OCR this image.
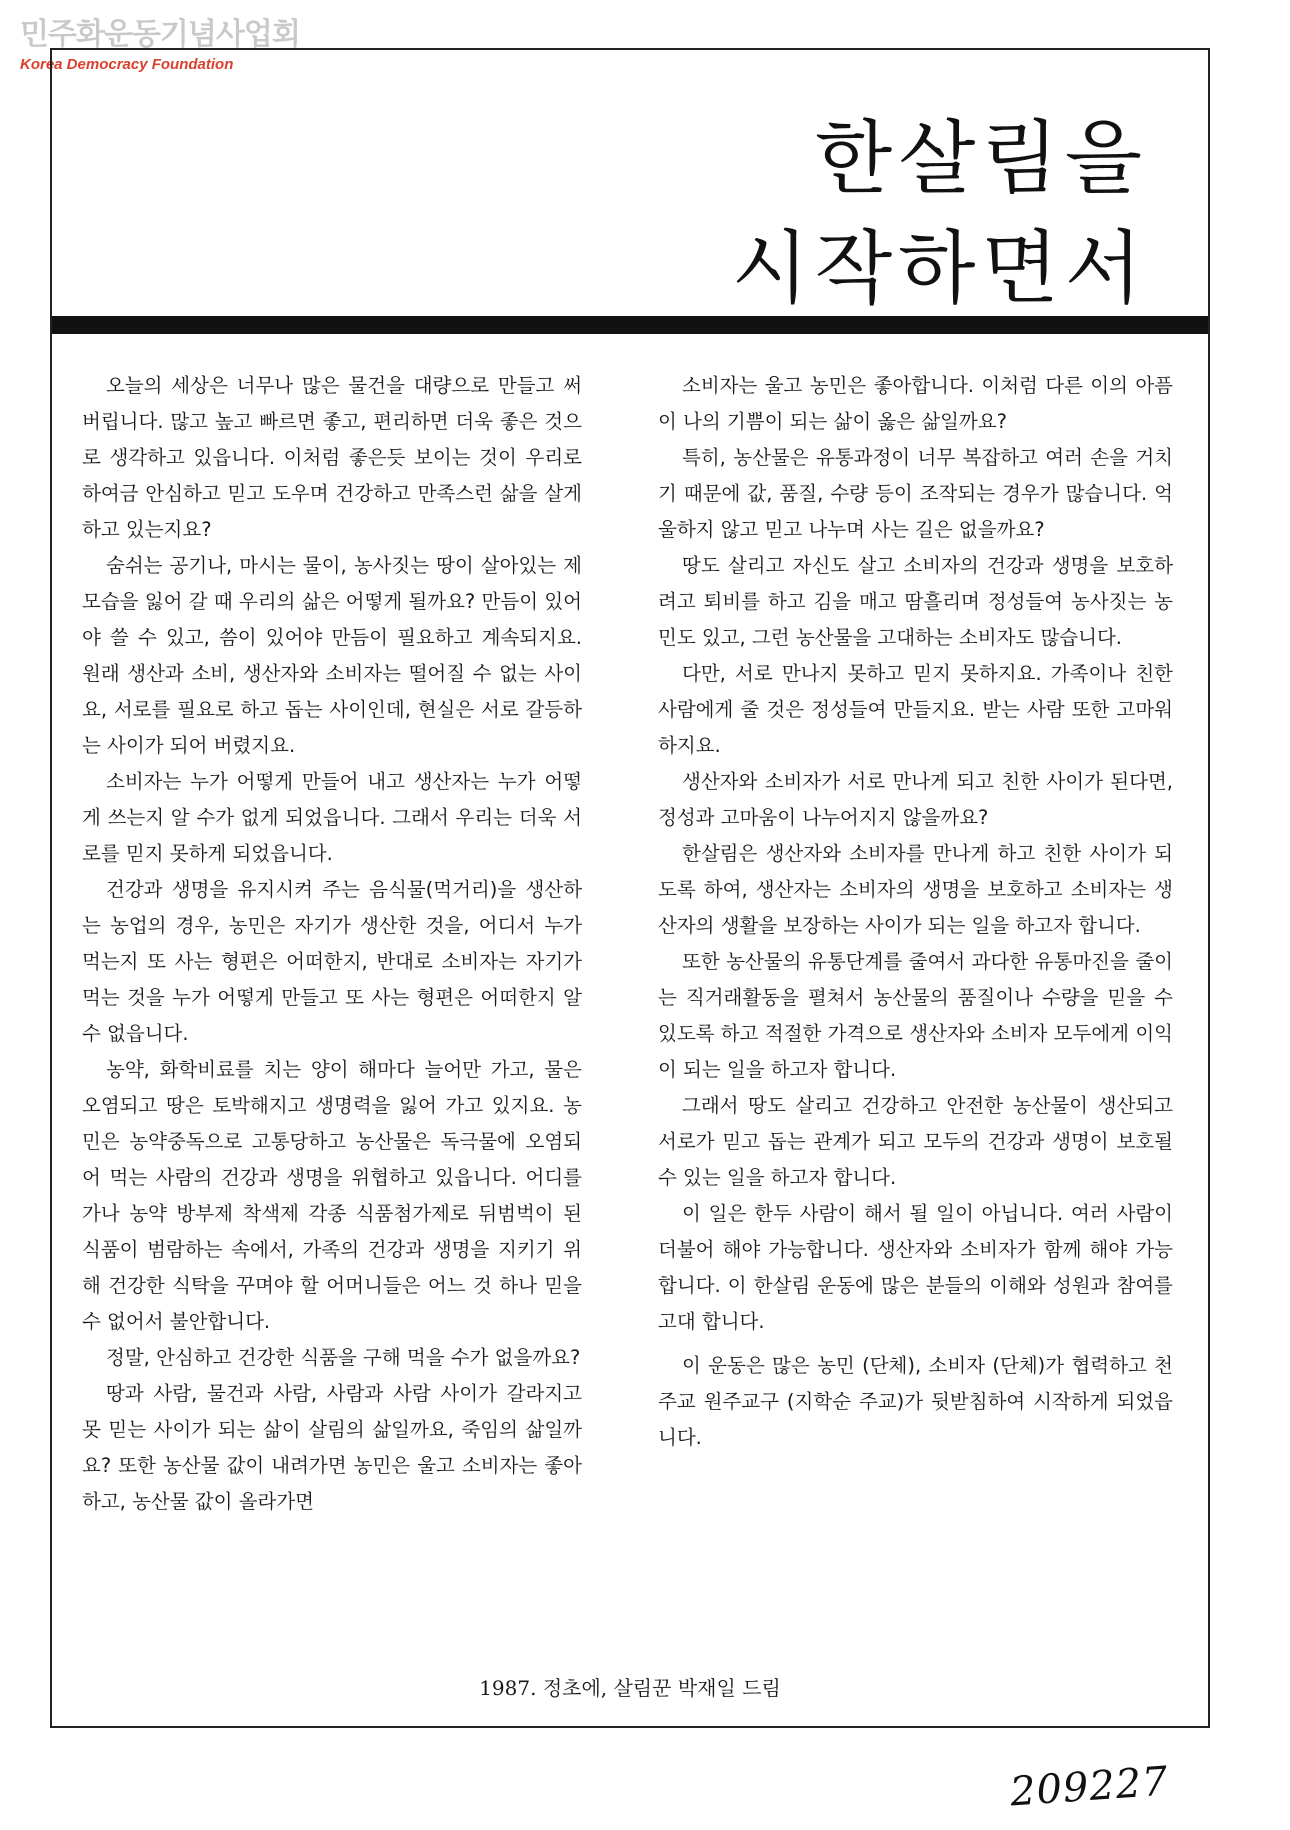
민주화운동기념사업회
Korea Democracy Foundation
한살림을
시작하면서

오늘의 세상은 너무나 많은 물건을 대량으로 만들고 써버립니다. 많고 높고 빠르면 좋고, 편리하면 더욱 좋은 것으로 생각하고 있읍니다. 이처럼 좋은듯 보이는 것이 우리로 하여금 안심하고 믿고 도우며 건강하고 만족스런 삶을 살게 하고 있는지요?

숨쉬는 공기나, 마시는 물이, 농사짓는 땅이 살아있는 제 모습을 잃어 갈 때 우리의 삶은 어떻게 될까요? 만듬이 있어야 쓸 수 있고, 씀이 있어야 만듬이 필요하고 계속되지요. 원래 생산과 소비, 생산자와 소비자는 떨어질 수 없는 사이요, 서로를 필요로 하고 돕는 사이인데, 현실은 서로 갈등하는 사이가 되어 버렸지요.

소비자는 누가 어떻게 만들어 내고 생산자는 누가 어떻게 쓰는지 알 수가 없게 되었읍니다. 그래서 우리는 더욱 서로를 믿지 못하게 되었읍니다.

건강과 생명을 유지시켜 주는 음식물(먹거리)을 생산하는 농업의 경우, 농민은 자기가 생산한 것을, 어디서 누가 먹는지 또 사는 형편은 어떠한지, 반대로 소비자는 자기가 먹는 것을 누가 어떻게 만들고 또 사는 형편은 어떠한지 알 수 없읍니다.

농약, 화학비료를 치는 양이 해마다 늘어만 가고, 물은 오염되고 땅은 토박해지고 생명력을 잃어 가고 있지요. 농민은 농약중독으로 고통당하고 농산물은 독극물에 오염되어 먹는 사람의 건강과 생명을 위협하고 있읍니다. 어디를 가나 농약 방부제 착색제 각종 식품첨가제로 뒤범벅이 된 식품이 범람하는 속에서, 가족의 건강과 생명을 지키기 위해 건강한 식탁을 꾸며야 할 어머니들은 어느 것 하나 믿을 수 없어서 불안합니다.

정말, 안심하고 건강한 식품을 구해 먹을 수가 없을까요?

땅과 사람, 물건과 사람, 사람과 사람 사이가 갈라지고 못 믿는 사이가 되는 삶이 살림의 삶일까요, 죽임의 삶일까요? 또한 농산물 값이 내려가면 농민은 울고 소비자는 좋아하고, 농산물 값이 올라가면

소비자는 울고 농민은 좋아합니다. 이처럼 다른 이의 아픔이 나의 기쁨이 되는 삶이 옳은 삶일까요?

특히, 농산물은 유통과정이 너무 복잡하고 여러 손을 거치기 때문에 값, 품질, 수량 등이 조작되는 경우가 많습니다. 억울하지 않고 믿고 나누며 사는 길은 없을까요?

땅도 살리고 자신도 살고 소비자의 건강과 생명을 보호하려고 퇴비를 하고 김을 매고 땀흘리며 정성들여 농사짓는 농민도 있고, 그런 농산물을 고대하는 소비자도 많습니다.

다만, 서로 만나지 못하고 믿지 못하지요. 가족이나 친한 사람에게 줄 것은 정성들여 만들지요. 받는 사람 또한 고마워 하지요.

생산자와 소비자가 서로 만나게 되고 친한 사이가 된다면, 정성과 고마움이 나누어지지 않을까요?

한살림은 생산자와 소비자를 만나게 하고 친한 사이가 되도록 하여, 생산자는 소비자의 생명을 보호하고 소비자는 생산자의 생활을 보장하는 사이가 되는 일을 하고자 합니다.

또한 농산물의 유통단계를 줄여서 과다한 유통마진을 줄이는 직거래활동을 펼쳐서 농산물의 품질이나 수량을 믿을 수 있도록 하고 적절한 가격으로 생산자와 소비자 모두에게 이익이 되는 일을 하고자 합니다.

그래서 땅도 살리고 건강하고 안전한 농산물이 생산되고 서로가 믿고 돕는 관계가 되고 모두의 건강과 생명이 보호될 수 있는 일을 하고자 합니다.

이 일은 한두 사람이 해서 될 일이 아닙니다. 여러 사람이 더불어 해야 가능합니다. 생산자와 소비자가 함께 해야 가능합니다. 이 한살림 운동에 많은 분들의 이해와 성원과 참여를 고대 합니다.

이 운동은 많은 농민 (단체), 소비자 (단체)가 협력하고 천주교 원주교구 (지학순 주교)가 뒷받침하여 시작하게 되었읍니다.

1987. 정초에, 살림꾼 박재일 드림
209227
